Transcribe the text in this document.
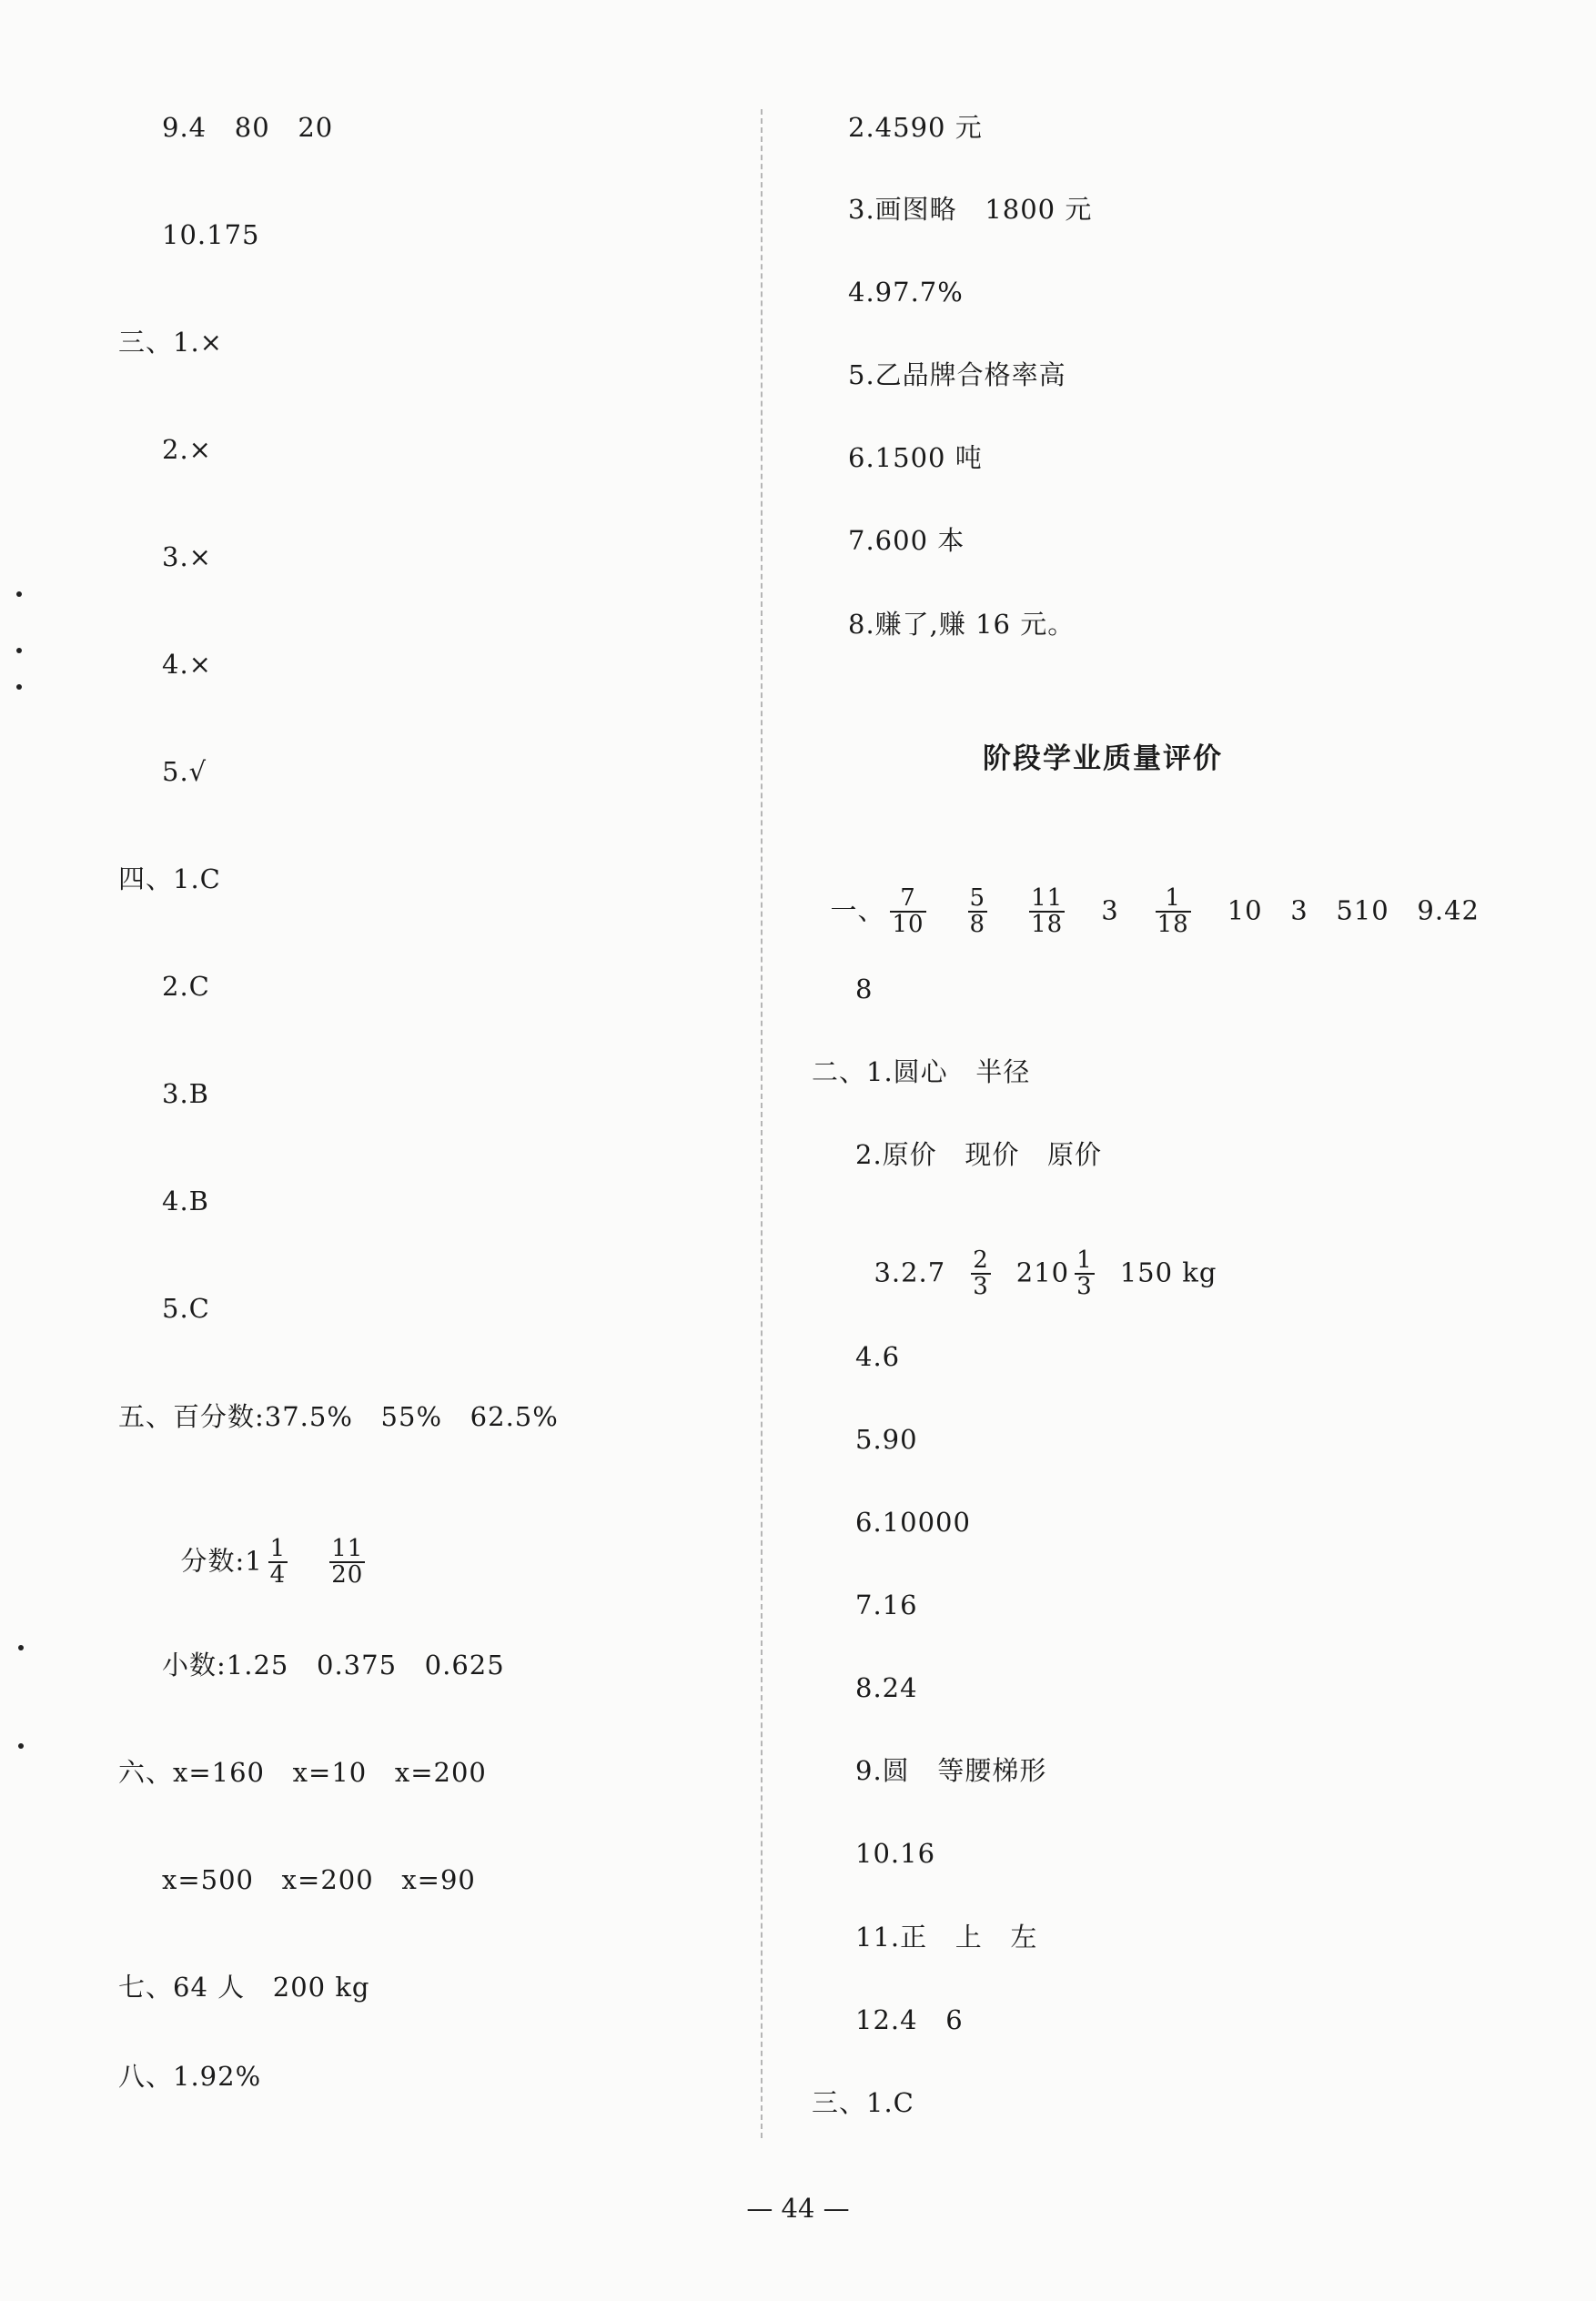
9.4   80   20
10.175
三、1.×
2.×
3.×
4.×
5.√
四、1.C
2.C
3.B
4.B
5.C
五、百分数:37.5%   55%   62.5%

分数:1 $\frac{1}{4} \frac{11}{20}$

小数:1.25   0.375   0.625
六、x=160   x=10   x=200
x=500   x=200   x=90
七、64 人   200 kg
八、1.92%
2.4590 元
3.画图略   1800 元
4.97.7%
5.乙品牌合格率高
6.1500 吨
7.600 本
8.赚了,赚 16 元。
阶段学业质量评价

一、 $\frac{7}{10} \frac{5}{8} \frac{11}{18} 3 \frac{1}{18} 10$   3   510   9.42

8
二、1.圆心   半径
2.原价   现价   原价

$3.2.7 \frac{2}{3} 210 \frac{1}{3} 150$ kg

4.6
5.90
6.10000
7.16
8.24
9.圆   等腰梯形
10.16
11.正   上   左
12.4   6
三、1.C
— 44 —
